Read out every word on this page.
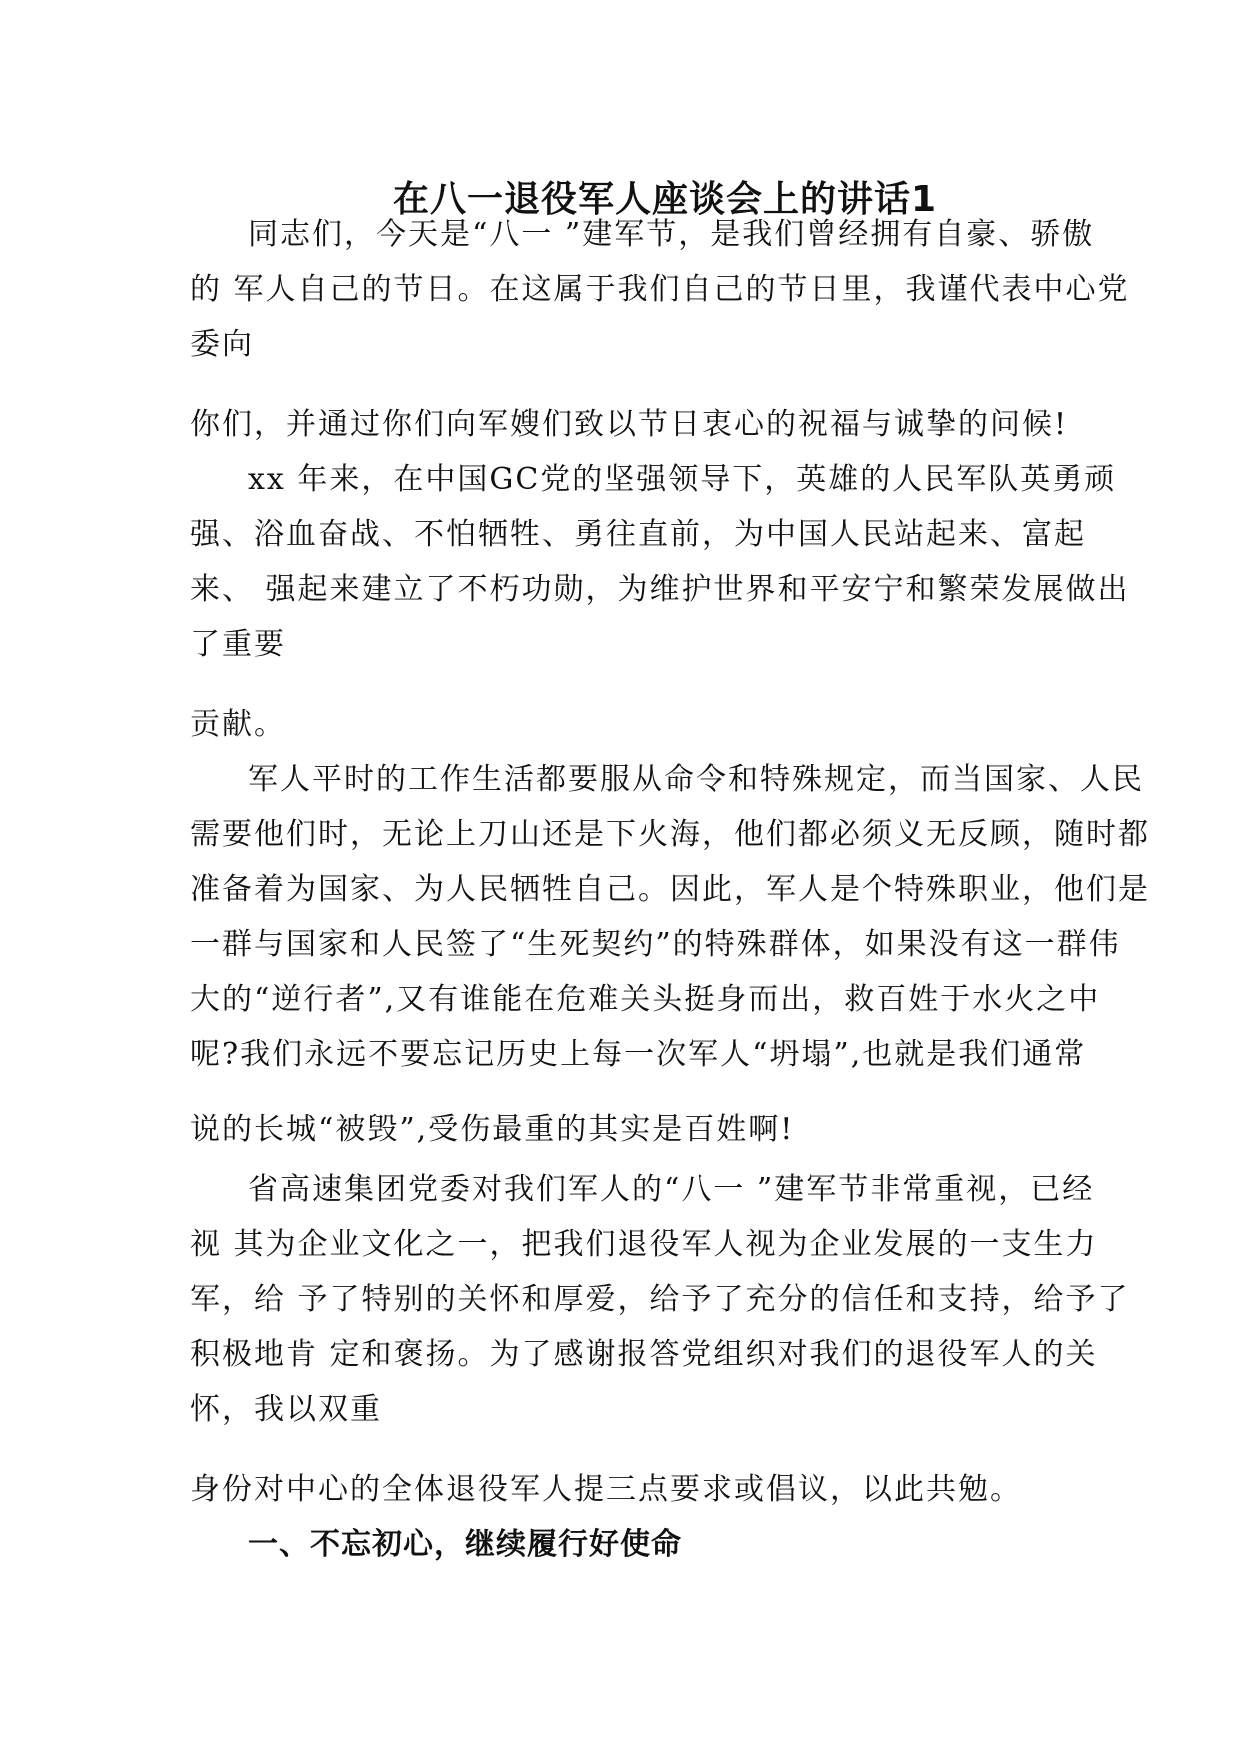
在八一退役军人座谈会上的讲话1

同志们，今天是“八一 ”建军节，是我们曾经拥有自豪、骄傲

的 军人自己的节日。在这属于我们自己的节日里，我谨代表中心党

委向

你们，并通过你们向军嫂们致以节日衷心的祝福与诚挚的问候!

xx 年来，在中国GC党的坚强领导下，英雄的人民军队英勇顽

强、浴血奋战、不怕牺牲、勇往直前，为中国人民站起来、富起

来、 强起来建立了不朽功勋，为维护世界和平安宁和繁荣发展做出

了重要

贡献。

军人平时的工作生活都要服从命令和特殊规定，而当国家、人民

需要他们时，无论上刀山还是下火海，他们都必须义无反顾，随时都

准备着为国家、为人民牺牲自己。因此，军人是个特殊职业，他们是

一群与国家和人民签了“生死契约”的特殊群体，如果没有这一群伟

大的“逆行者”,又有谁能在危难关头挺身而出，救百姓于水火之中

呢?我们永远不要忘记历史上每一次军人“坍塌”,也就是我们通常

说的长城“被毁”,受伤最重的其实是百姓啊!

省高速集团党委对我们军人的“八一 ”建军节非常重视，已经

视 其为企业文化之一，把我们退役军人视为企业发展的一支生力

军，给 予了特别的关怀和厚爱，给予了充分的信任和支持，给予了

积极地肯 定和褒扬。为了感谢报答党组织对我们的退役军人的关

怀，我以双重

身份对中心的全体退役军人提三点要求或倡议，以此共勉。

一、不忘初心，继续履行好使命
